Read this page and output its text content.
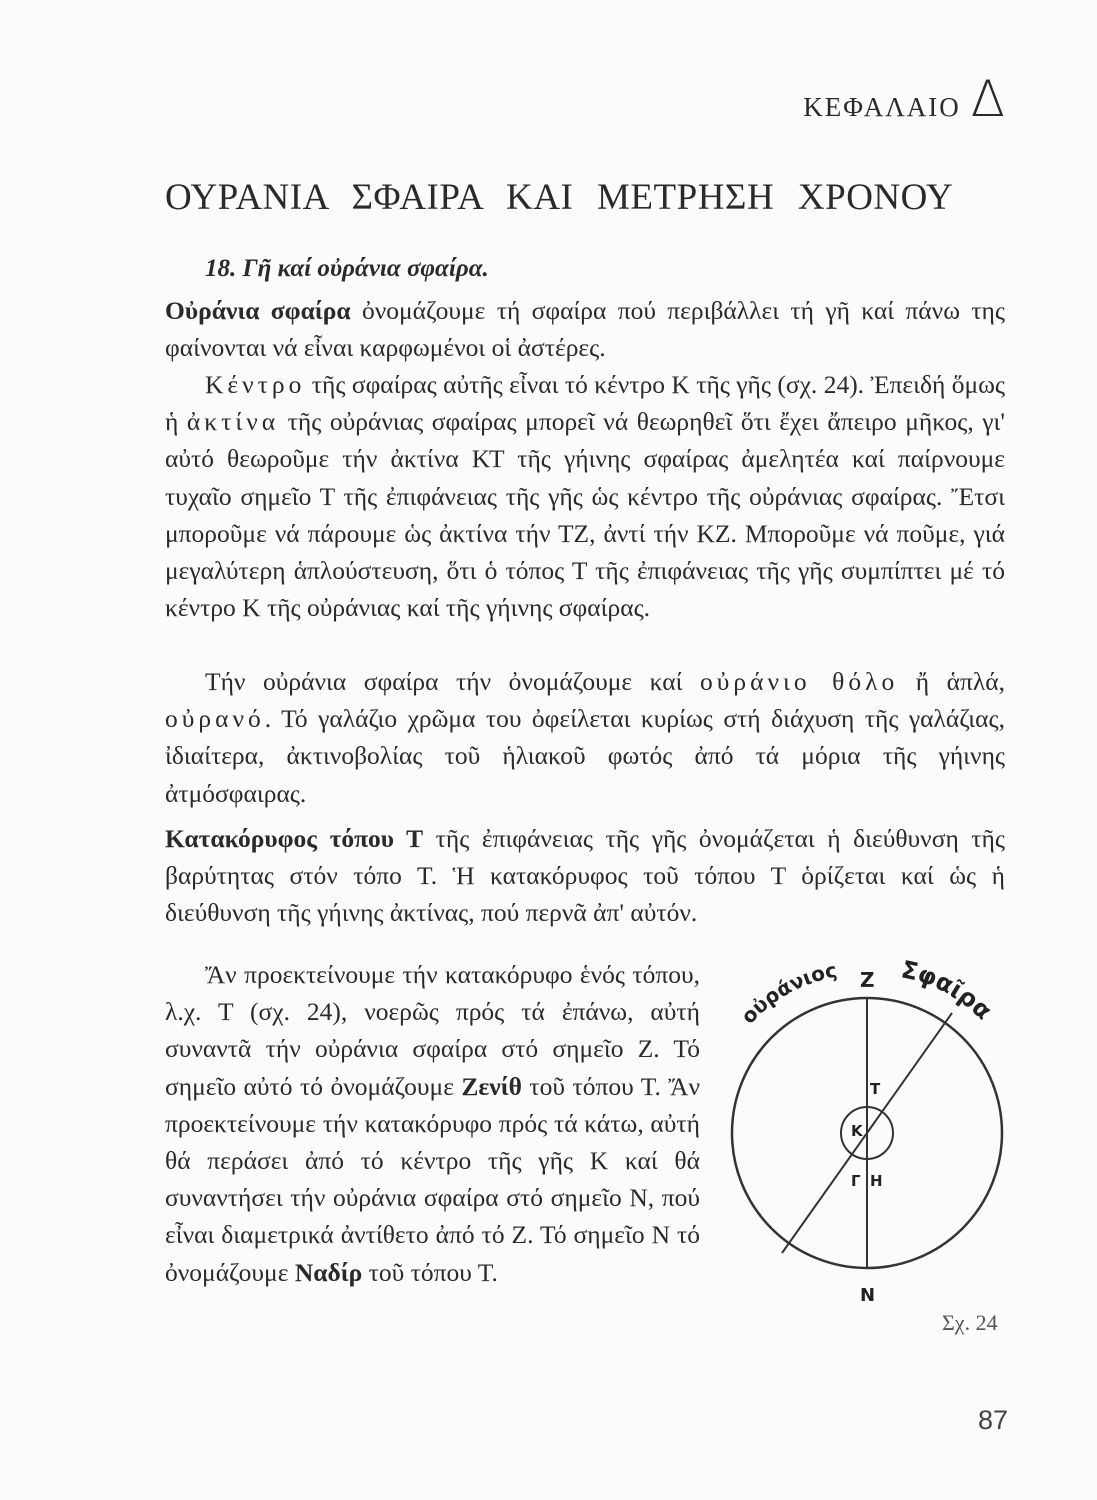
ΚΕΦΑΛΑΙΟ Δ
ΟΥΡΑΝΙΑ ΣΦΑΙΡΑ ΚΑΙ ΜΕΤΡΗΣΗ ΧΡΟΝΟΥ
18. Γῆ καί οὐράνια σφαίρα.

Οὐράνια σφαίρα ὀνομάζουμε τή σφαίρα πού περιβάλλει τή γῆ καί πάνω της φαίνονται νά εἶναι καρφωμένοι οἱ ἀστέρες.

Κέντρο τῆς σφαίρας αὐτῆς εἶναι τό κέντρο Κ τῆς γῆς (σχ. 24). Ἐπειδή ὅμως ἡ ἀκτίνα τῆς οὐράνιας σφαίρας μπορεῖ νά θεωρηθεῖ ὅτι ἔχει ἄπειρο μῆκος, γι' αὐτό θεωροῦμε τήν ἀκτίνα ΚΤ τῆς γήινης σφαίρας ἀμελητέα καί παίρνουμε τυχαῖο σημεῖο Τ τῆς ἐπιφάνειας τῆς γῆς ὡς κέντρο τῆς οὐράνιας σφαίρας. Ἔτσι μποροῦμε νά πάρουμε ὡς ἀκτίνα τήν ΤΖ, ἀντί τήν ΚΖ. Μποροῦμε νά ποῦμε, γιά μεγαλύτερη ἁπλούστευση, ὅτι ὁ τόπος Τ τῆς ἐπιφάνειας τῆς γῆς συμπίπτει μέ τό κέντρο Κ τῆς οὐράνιας καί τῆς γήινης σφαίρας.

Τήν οὐράνια σφαίρα τήν ὀνομάζουμε καί οὐράνιο θόλο ἤ ἁπλά, οὐρανό. Τό γαλάζιο χρῶμα του ὀφείλεται κυρίως στή διάχυση τῆς γαλάζιας, ἰδιαίτερα, ἀκτινοβολίας τοῦ ἡλιακοῦ φωτός ἀπό τά μόρια τῆς γήινης ἀτμόσφαιρας.

Κατακόρυφος τόπου Τ τῆς ἐπιφάνειας τῆς γῆς ὀνομάζεται ἡ διεύθυνση τῆς βαρύτητας στόν τόπο Τ. Ἡ κατακόρυφος τοῦ τόπου Τ ὁρίζεται καί ὡς ἡ διεύθυνση τῆς γήινης ἀκτίνας, πού περνᾶ ἀπ' αὐτόν.

Ἄν προεκτείνουμε τήν κατακόρυφο ἑνός τόπου, λ.χ. Τ (σχ. 24), νοερῶς πρός τά ἐπάνω, αὐτή συναντᾶ τήν οὐράνια σφαίρα στό σημεῖο Ζ. Τό σημεῖο αὐτό τό ὀνομάζουμε Ζενίθ τοῦ τόπου Τ. Ἄν προεκτείνουμε τήν κατακόρυφο πρός τά κάτω, αὐτή θά περάσει ἀπό τό κέντρο τῆς γῆς Κ καί θά συναντήσει τήν οὐράνια σφαίρα στό σημεῖο Ν, πού εἶναι διαμετρικά ἀντίθετο ἀπό τό Ζ. Τό σημεῖο Ν τό ὀνομάζουμε Ναδίρ τοῦ τόπου Τ.

οὐράνιος Σφαῖρα
Ζ
Ν
Τ
Κ
Γ Η
Σχ. 24
87
